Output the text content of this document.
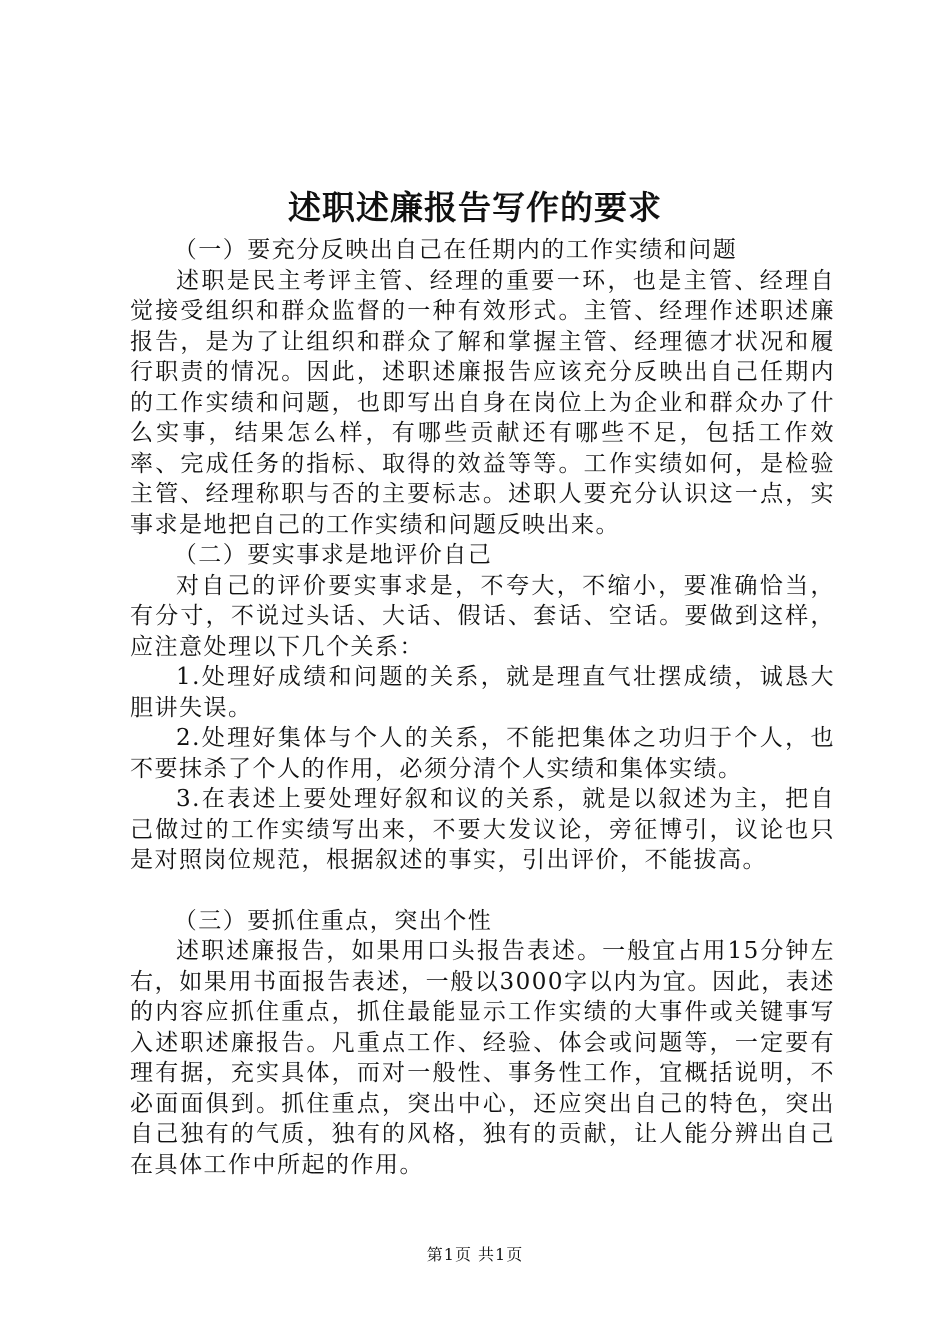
述职述廉报告写作的要求

（一）要充分反映出自己在任期内的工作实绩和问题

述职是民主考评主管、经理的重要一环，也是主管、经理自觉接受组织和群众监督的一种有效形式。主管、经理作述职述廉报告，是为了让组织和群众了解和掌握主管、经理德才状况和履行职责的情况。因此，述职述廉报告应该充分反映出自己任期内的工作实绩和问题，也即写出自身在岗位上为企业和群众办了什么实事，结果怎么样，有哪些贡献还有哪些不足，包括工作效率、完成任务的指标、取得的效益等等。工作实绩如何，是检验主管、经理称职与否的主要标志。述职人要充分认识这一点，实事求是地把自己的工作实绩和问题反映出来。

（二）要实事求是地评价自己

对自己的评价要实事求是，不夸大，不缩小，要准确恰当，有分寸，不说过头话、大话、假话、套话、空话。要做到这样，应注意处理以下几个关系：

1.处理好成绩和问题的关系，就是理直气壮摆成绩，诚恳大胆讲失误。

2.处理好集体与个人的关系，不能把集体之功归于个人，也不要抹杀了个人的作用，必须分清个人实绩和集体实绩。

3.在表述上要处理好叙和议的关系，就是以叙述为主，把自己做过的工作实绩写出来，不要大发议论，旁征博引，议论也只是对照岗位规范，根据叙述的事实，引出评价，不能拔高。

（三）要抓住重点，突出个性

述职述廉报告，如果用口头报告表述。一般宜占用15分钟左右，如果用书面报告表述，一般以3000字以内为宜。因此，表述的内容应抓住重点，抓住最能显示工作实绩的大事件或关键事写入述职述廉报告。凡重点工作、经验、体会或问题等，一定要有理有据，充实具体，而对一般性、事务性工作，宜概括说明，不必面面俱到。抓住重点，突出中心，还应突出自己的特色，突出自己独有的气质，独有的风格，独有的贡献，让人能分辨出自己在具体工作中所起的作用。

第1页 共1页
